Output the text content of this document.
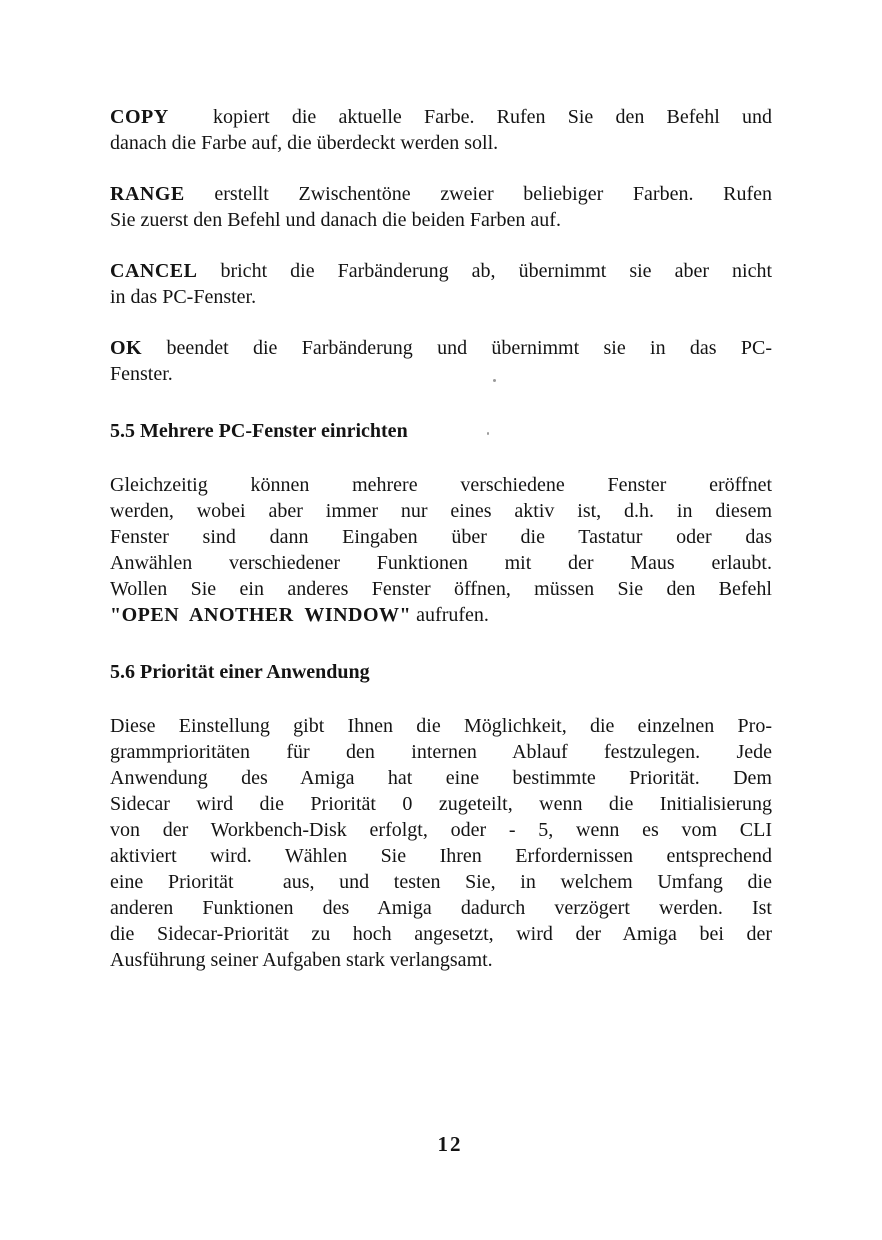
COPY  kopiert die aktuelle Farbe. Rufen Sie den Befehl und
danach die Farbe auf, die überdeckt werden soll.

RANGE erstellt Zwischentöne zweier beliebiger Farben. Rufen
Sie zuerst den Befehl und danach die beiden Farben auf.

CANCEL bricht die Farbänderung ab, übernimmt sie aber nicht
in das PC-Fenster.

OK beendet die Farbänderung und übernimmt sie in das PC-
Fenster.

5.5 Mehrere PC-Fenster einrichten

Gleichzeitig können mehrere verschiedene Fenster eröffnet
werden, wobei aber immer nur eines aktiv ist, d.h. in diesem
Fenster sind dann Eingaben über die Tastatur oder das
Anwählen verschiedener Funktionen mit der Maus erlaubt.
Wollen Sie ein anderes Fenster öffnen, müssen Sie den Befehl
"OPEN  ANOTHER  WINDOW" aufrufen.

5.6 Priorität einer Anwendung

Diese Einstellung gibt Ihnen die Möglichkeit, die einzelnen Pro-
grammprioritäten für den internen Ablauf festzulegen. Jede
Anwendung des Amiga hat eine bestimmte Priorität. Dem
Sidecar wird die Priorität 0 zugeteilt, wenn die Initialisierung
von der Workbench-Disk erfolgt, oder - 5, wenn es vom CLI
aktiviert wird. Wählen Sie Ihren Erfordernissen entsprechend
eine Priorität  aus, und testen Sie, in welchem Umfang die
anderen Funktionen des Amiga dadurch verzögert werden. Ist
die Sidecar-Priorität zu hoch angesetzt, wird der Amiga bei der
Ausführung seiner Aufgaben stark verlangsamt.

12
